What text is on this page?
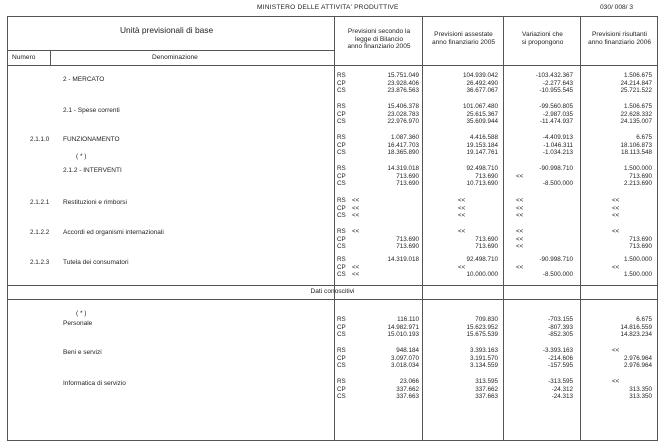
MINISTERO DELLE ATTIVITA' PRODUTTIVE	030/ 008/ 3
Unità previsionali di base
Numero	Denominazione
Previsioni secondo la
legge di Bilancio
anno finanziario 2005
Previsioni assestate
anno finanziario 2005
Variazioni che
si propongono
Previsioni risultanti
anno finanziario 2006
Dati conoscitivi
2 - MERCATO
RS	15.751.049	104.939.042	-103.432.367	1.506.675
CP	23.928.406	26.492.490	-2.277.643	24.214.847
CS	23.876.563	36.677.067	-10.955.545	25.721.522
2.1 - Spese correnti
RS	15.406.378	101.067.480	-99.560.805	1.506.675
CP	23.028.783	25.615.367	-2.987.035	22.628.332
CS	22.976.970	35.609.944	-11.474.937	24.135.007
2.1.1.0 FUNZIONAMENTO
( * )
RS	1.087.360	4.416.588	-4.409.913	6.675
CP	16.417.703	19.153.184	-1.046.311	18.106.873
CS	18.365.890	19.147.761	-1.034.213	18.113.548
2.1.2 - INTERVENTI	RS	14.319.018	92.498.710	-90.998.710	1.500.000
CP	713.690	713.690	<<	713.690
CS	713.690	10.713.690	-8.500.000	2.213.690
2.1.2.1 Restituzioni e rimborsi	RS <<	<<	<<	<<
CP <<	<<	<<	<<
CS <<	<<	<<	<<
2.1.2.2 Accordi ed organismi internazionali	RS <<	<<	<<	<<
CP	713.690	713.690	<<	713.690
CS	713.690	713.690	<<	713.690
2.1.2.3 Tutela dei consumatori	RS	14.319.018	92.498.710	-90.998.710	1.500.000
CP <<	<<	<<	<<
CS <<	10.000.000	-8.500.000	1.500.000
( * )
Personale
RS	116.110	709.830	-703.155	6.675
CP	14.982.971	15.623.952	-807.393	14.816.559
CS	15.010.193	15.675.539	-852.305	14.823.234
Beni e servizi	RS	948.184	3.393.163	-3.393.163	<<
CP	3.097.070	3.191.570	-214.606	2.976.964
CS	3.018.034	3.134.559	-157.595	2.976.964
Informatica di servizio	RS	23.066	313.595	-313.595	<<
CP	337.662	337.662	-24.312	313.350
CS	337.663	337.663	-24.313	313.350
